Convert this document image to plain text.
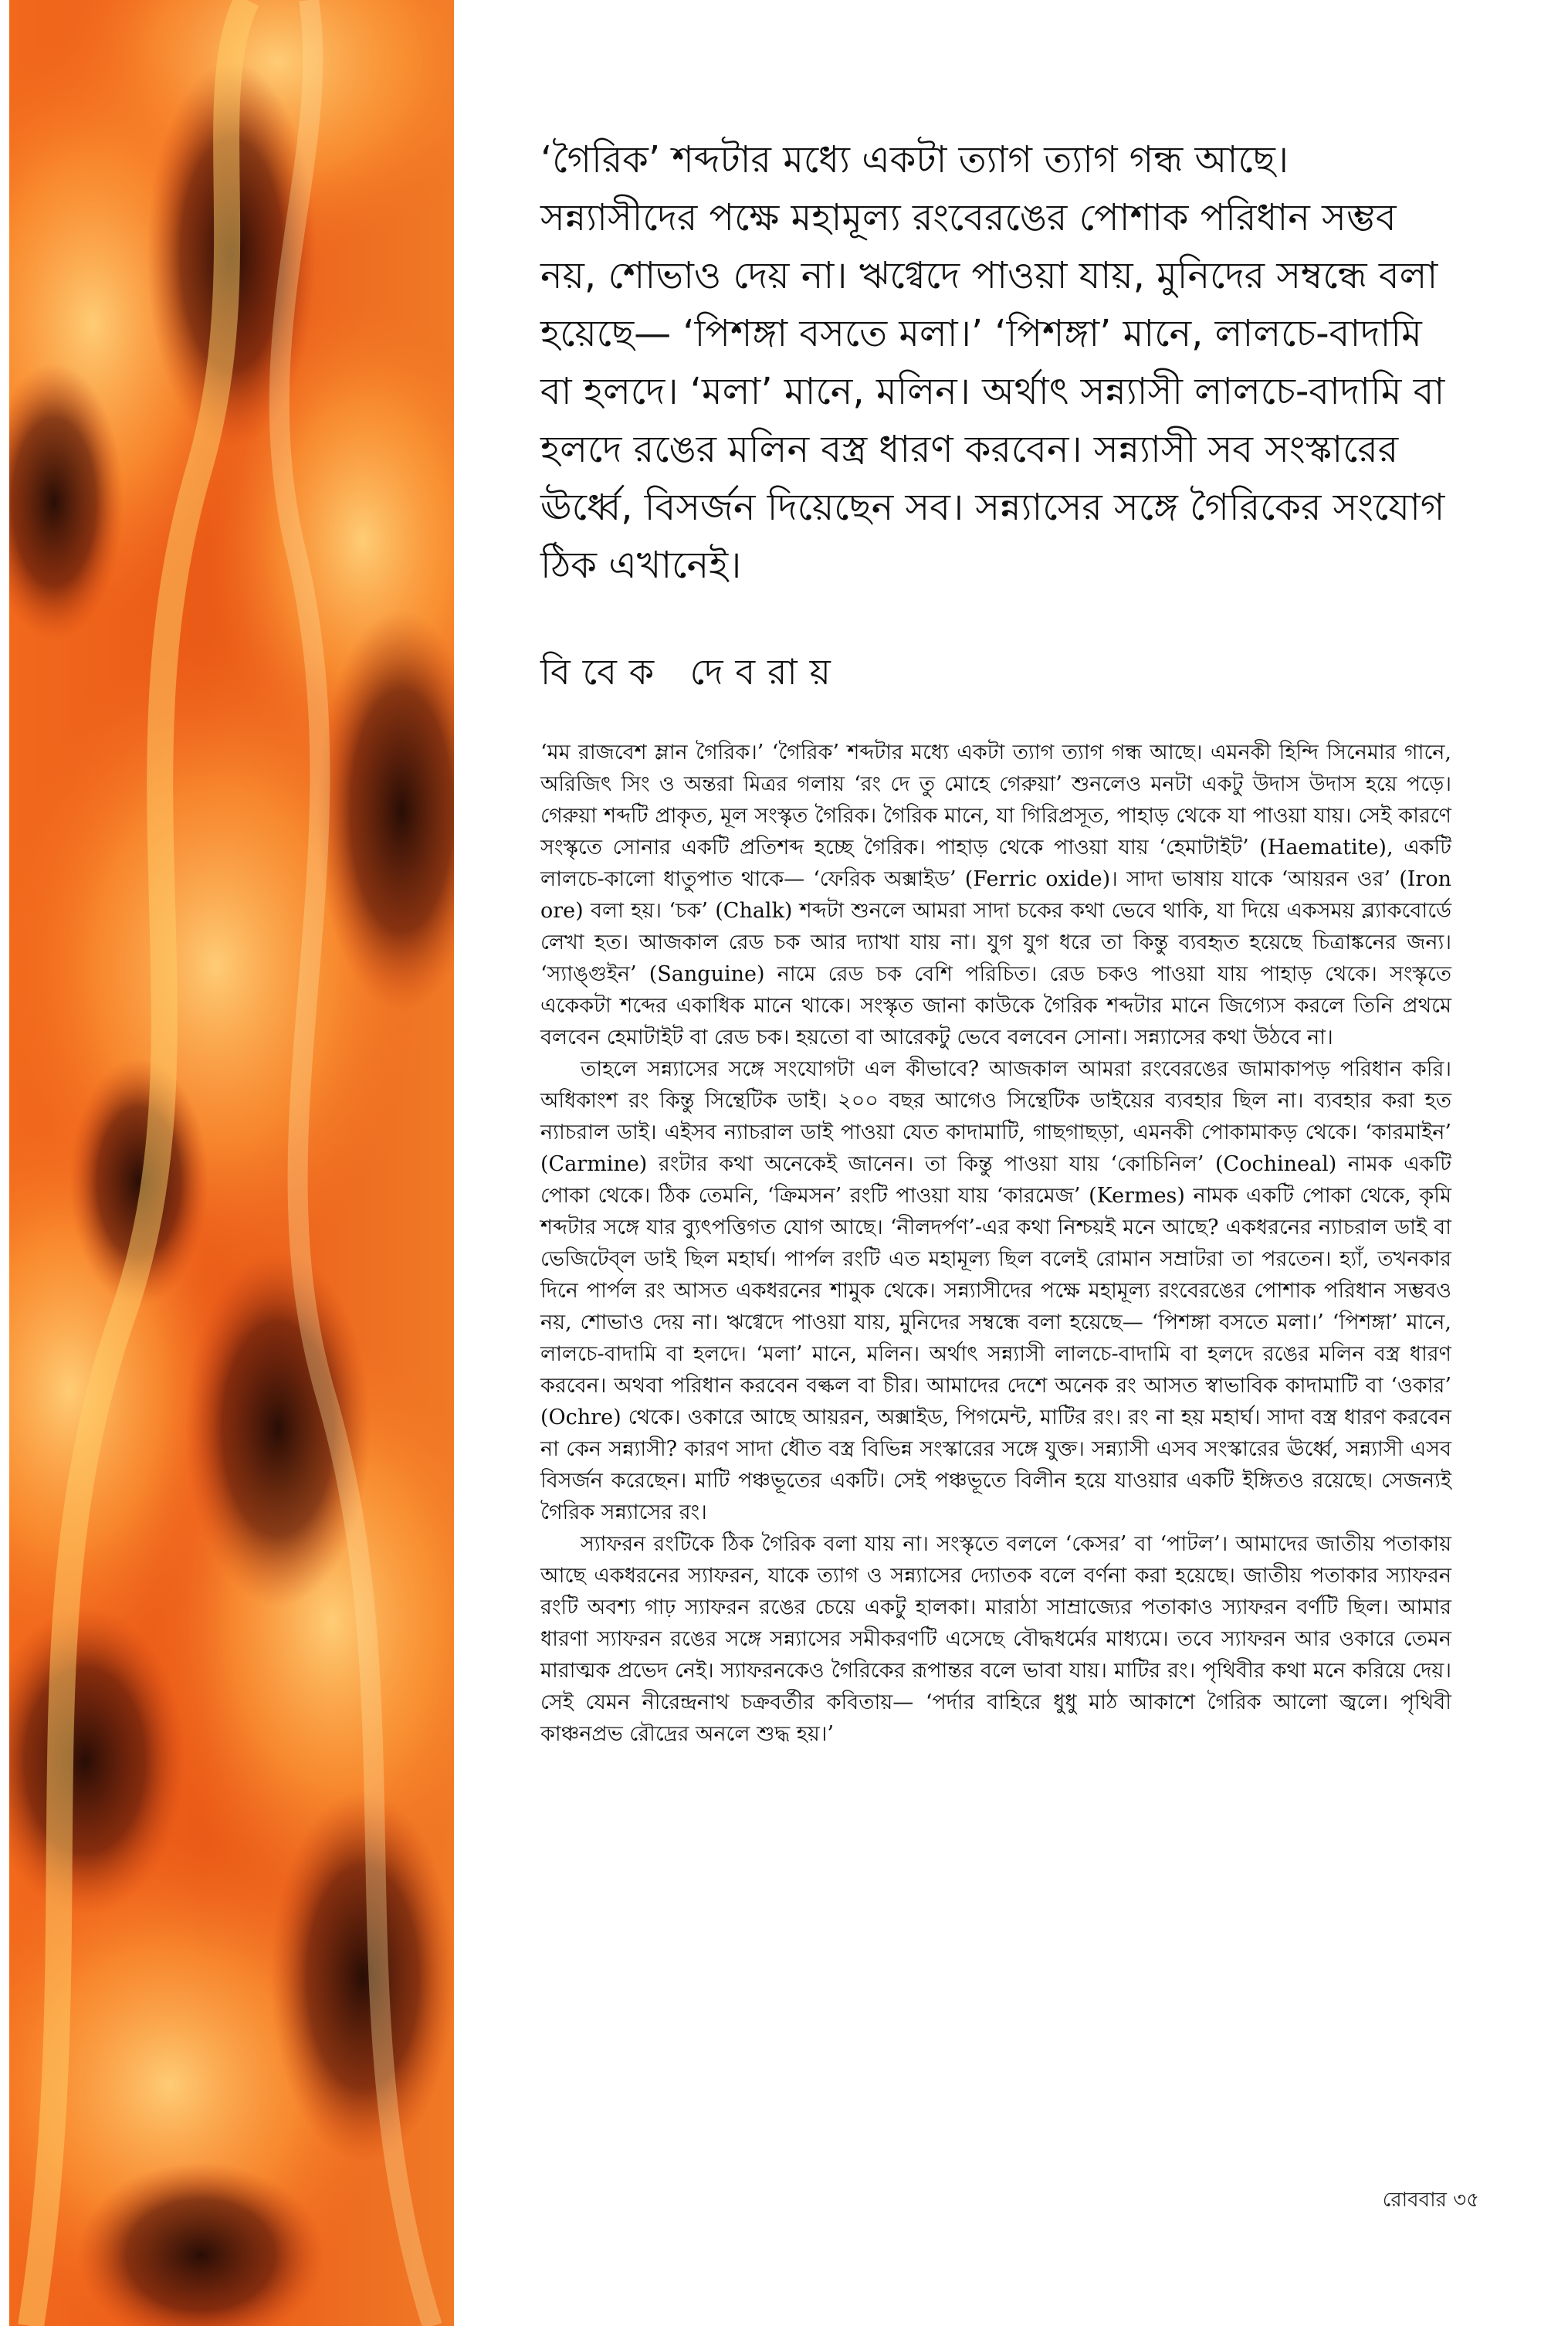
‘গৈরিক’ শব্দটার মধ্যে একটা ত্যাগ ত্যাগ গন্ধ আছে। সন্ন্যাসীদের পক্ষে মহামূল্য রংবেরঙের পোশাক পরিধান সম্ভব নয়, শোভাও দেয় না। ঋগ্বেদে পাওয়া যায়, মুনিদের সম্বন্ধে বলা হয়েছে— ‘পিশঙ্গা বসতে মলা।’ ‘পিশঙ্গা’ মানে, লালচে-বাদামি বা হলদে। ‘মলা’ মানে, মলিন। অর্থাৎ সন্ন্যাসী লালচে-বাদামি বা হলদে রঙের মলিন বস্ত্র ধারণ করবেন। সন্ন্যাসী সব সংস্কারের ঊর্ধ্বে, বিসর্জন দিয়েছেন সব। সন্ন্যাসের সঙ্গে গৈরিকের সংযোগ ঠিক এখানেই।

বিবেক দেবরায়

‘মম রাজবেশ ম্লান গৈরিক।’ ‘গৈরিক’ শব্দটার মধ্যে একটা ত্যাগ ত্যাগ গন্ধ আছে। এমনকী হিন্দি সিনেমার গানে, অরিজিৎ সিং ও অন্তরা মিত্রর গলায় ‘রং দে তু মোহে গেরুয়া’ শুনলেও মনটা একটু উদাস উদাস হয়ে পড়ে। গেরুয়া শব্দটি প্রাকৃত, মূল সংস্কৃত গৈরিক। গৈরিক মানে, যা গিরিপ্রসূত, পাহাড় থেকে যা পাওয়া যায়। সেই কারণে সংস্কৃতে সোনার একটি প্রতিশব্দ হচ্ছে গৈরিক। পাহাড় থেকে পাওয়া যায় ‘হেমাটাইট’ (Haematite), একটি লালচে-কালো ধাতুপাত থাকে— ‘ফেরিক অক্সাইড’ (Ferric oxide)। সাদা ভাষায় যাকে ‘আয়রন ওর’ (Iron ore) বলা হয়। ‘চক’ (Chalk) শব্দটা শুনলে আমরা সাদা চকের কথা ভেবে থাকি, যা দিয়ে একসময় ব্ল্যাকবোর্ডে লেখা হত। আজকাল রেড চক আর দ্যাখা যায় না। যুগ যুগ ধরে তা কিন্তু ব্যবহৃত হয়েছে চিত্রাঙ্কনের জন্য। ‘স্যাঙ্গুইন’ (Sanguine) নামে রেড চক বেশি পরিচিত। রেড চকও পাওয়া যায় পাহাড় থেকে। সংস্কৃতে একেকটা শব্দের একাধিক মানে থাকে। সংস্কৃত জানা কাউকে গৈরিক শব্দটার মানে জিগ্যেস করলে তিনি প্রথমে বলবেন হেমাটাইট বা রেড চক। হয়তো বা আরেকটু ভেবে বলবেন সোনা। সন্ন্যাসের কথা উঠবে না।

তাহলে সন্ন্যাসের সঙ্গে সংযোগটা এল কীভাবে? আজকাল আমরা রংবেরঙের জামাকাপড় পরিধান করি। অধিকাংশ রং কিন্তু সিন্থেটিক ডাই। ২০০ বছর আগেও সিন্থেটিক ডাইয়ের ব্যবহার ছিল না। ব্যবহার করা হত ন্যাচরাল ডাই। এইসব ন্যাচরাল ডাই পাওয়া যেত কাদামাটি, গাছগাছড়া, এমনকী পোকামাকড় থেকে। ‘কারমাইন’ (Carmine) রংটার কথা অনেকেই জানেন। তা কিন্তু পাওয়া যায় ‘কোচিনিল’ (Cochineal) নামক একটি পোকা থেকে। ঠিক তেমনি, ‘ক্রিমসন’ রংটি পাওয়া যায় ‘কারমেজ’ (Kermes) নামক একটি পোকা থেকে, কৃমি শব্দটার সঙ্গে যার ব্যুৎপত্তিগত যোগ আছে। ‘নীলদর্পণ’-এর কথা নিশ্চয়ই মনে আছে? একধরনের ন্যাচরাল ডাই বা ভেজিটেব্‌ল ডাই ছিল মহার্ঘ। পার্পল রংটি এত মহামূল্য ছিল বলেই রোমান সম্রাটরা তা পরতেন। হ্যাঁ, তখনকার দিনে পার্পল রং আসত একধরনের শামুক থেকে। সন্ন্যাসীদের পক্ষে মহামূল্য রংবেরঙের পোশাক পরিধান সম্ভবও নয়, শোভাও দেয় না। ঋগ্বেদে পাওয়া যায়, মুনিদের সম্বন্ধে বলা হয়েছে— ‘পিশঙ্গা বসতে মলা।’ ‘পিশঙ্গা’ মানে, লালচে-বাদামি বা হলদে। ‘মলা’ মানে, মলিন। অর্থাৎ সন্ন্যাসী লালচে-বাদামি বা হলদে রঙের মলিন বস্ত্র ধারণ করবেন। অথবা পরিধান করবেন বল্কল বা চীর। আমাদের দেশে অনেক রং আসত স্বাভাবিক কাদামাটি বা ‘ওকার’ (Ochre) থেকে। ওকারে আছে আয়রন, অক্সাইড, পিগমেন্ট, মাটির রং। রং না হয় মহার্ঘ। সাদা বস্ত্র ধারণ করবেন না কেন সন্ন্যাসী? কারণ সাদা ধৌত বস্ত্র বিভিন্ন সংস্কারের সঙ্গে যুক্ত। সন্ন্যাসী এসব সংস্কারের ঊর্ধ্বে, সন্ন্যাসী এসব বিসর্জন করেছেন। মাটি পঞ্চভূতের একটি। সেই পঞ্চভূতে বিলীন হয়ে যাওয়ার একটি ইঙ্গিতও রয়েছে। সেজন্যই গৈরিক সন্ন্যাসের রং।

স্যাফরন রংটিকে ঠিক গৈরিক বলা যায় না। সংস্কৃতে বললে ‘কেসর’ বা ‘পাটল’। আমাদের জাতীয় পতাকায় আছে একধরনের স্যাফরন, যাকে ত্যাগ ও সন্ন্যাসের দ্যোতক বলে বর্ণনা করা হয়েছে। জাতীয় পতাকার স্যাফরন রংটি অবশ্য গাঢ় স্যাফরন রঙের চেয়ে একটু হালকা। মারাঠা সাম্রাজ্যের পতাকাও স্যাফরন বর্ণটি ছিল। আমার ধারণা স্যাফরন রঙের সঙ্গে সন্ন্যাসের সমীকরণটি এসেছে বৌদ্ধধর্মের মাধ্যমে। তবে স্যাফরন আর ওকারে তেমন মারাত্মক প্রভেদ নেই। স্যাফরনকেও গৈরিকের রূপান্তর বলে ভাবা যায়। মাটির রং। পৃথিবীর কথা মনে করিয়ে দেয়। সেই যেমন নীরেন্দ্রনাথ চক্রবর্তীর কবিতায়— ‘পর্দার বাহিরে ধুধু মাঠ আকাশে গৈরিক আলো জ্বলে। পৃথিবী কাঞ্চনপ্রভ রৌদ্রের অনলে শুদ্ধ হয়।’

রোববার ৩৫
